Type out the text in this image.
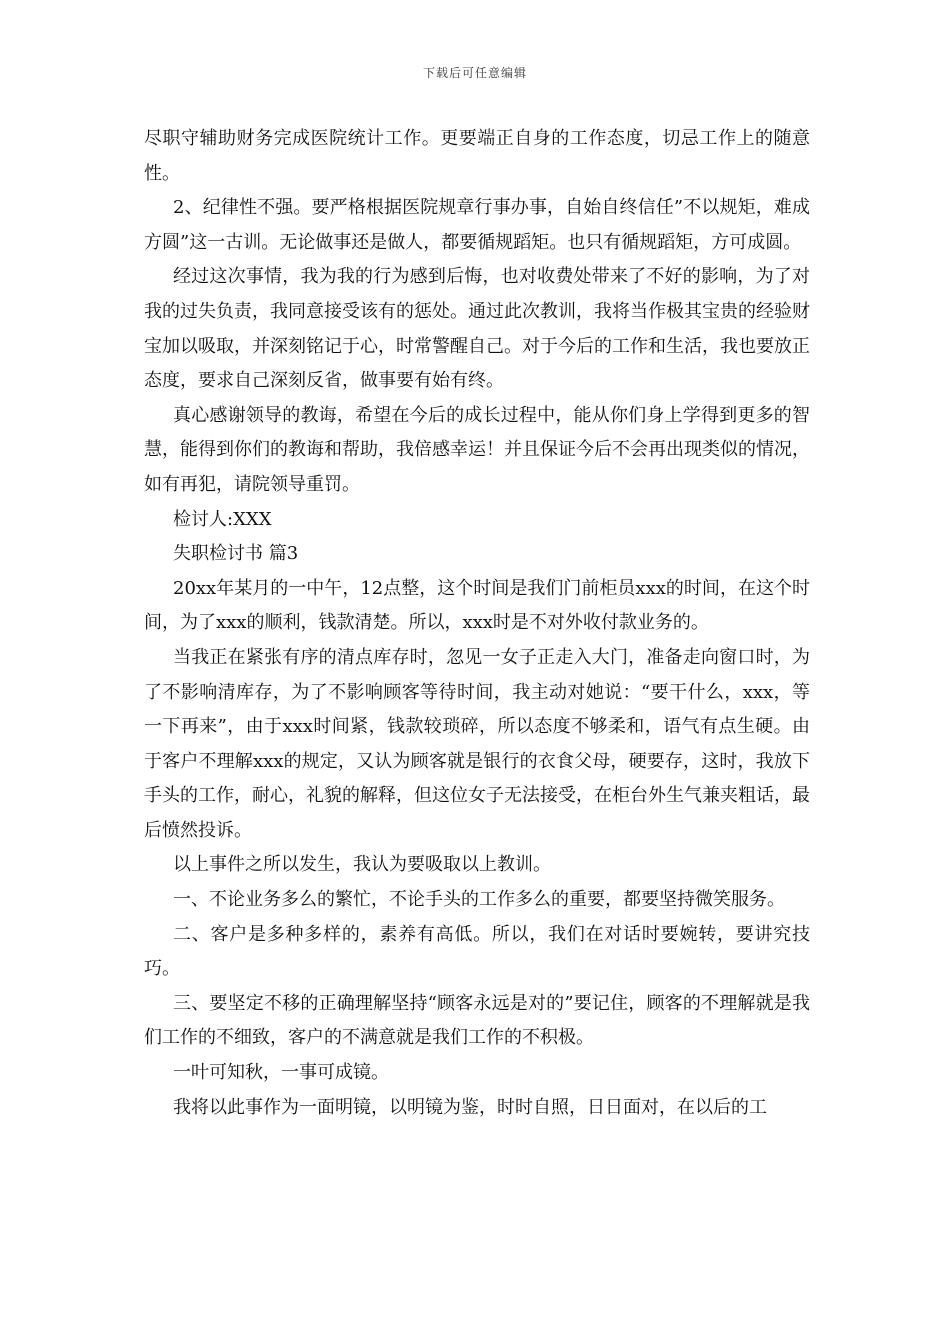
下载后可任意编辑

尽职守辅助财务完成医院统计工作。更要端正自身的工作态度，切忌工作上的随意性。

2、纪律性不强。要严格根据医院规章行事办事，自始自终信任”不以规矩，难成方圆”这一古训。无论做事还是做人，都要循规蹈矩。也只有循规蹈矩，方可成圆。

经过这次事情，我为我的行为感到后悔，也对收费处带来了不好的影响，为了对我的过失负责，我同意接受该有的惩处。通过此次教训，我将当作极其宝贵的经验财宝加以吸取，并深刻铭记于心，时常警醒自己。对于今后的工作和生活，我也要放正态度，要求自己深刻反省，做事要有始有终。

真心感谢领导的教诲，希望在今后的成长过程中，能从你们身上学得到更多的智慧，能得到你们的教诲和帮助，我倍感幸运！并且保证今后不会再出现类似的情况，如有再犯，请院领导重罚。

检讨人:XXX

失职检讨书 篇3

20xx年某月的一中午，12点整，这个时间是我们门前柜员xxx的时间，在这个时间，为了xxx的顺利，钱款清楚。所以，xxx时是不对外收付款业务的。

当我正在紧张有序的清点库存时，忽见一女子正走入大门，准备走向窗口时，为了不影响清库存，为了不影响顾客等待时间，我主动对她说：“要干什么，xxx，等一下再来”，由于xxx时间紧，钱款较琐碎，所以态度不够柔和，语气有点生硬。由于客户不理解xxx的规定，又认为顾客就是银行的衣食父母，硬要存，这时，我放下手头的工作，耐心，礼貌的解释，但这位女子无法接受，在柜台外生气兼夹粗话，最后愤然投诉。

以上事件之所以发生，我认为要吸取以上教训。

一、不论业务多么的繁忙，不论手头的工作多么的重要，都要坚持微笑服务。

二、客户是多种多样的，素养有高低。所以，我们在对话时要婉转，要讲究技巧。

三、要坚定不移的正确理解坚持“顾客永远是对的”要记住，顾客的不理解就是我们工作的不细致，客户的不满意就是我们工作的不积极。

一叶可知秋，一事可成镜。

我将以此事作为一面明镜，以明镜为鉴，时时自照，日日面对，在以后的工
